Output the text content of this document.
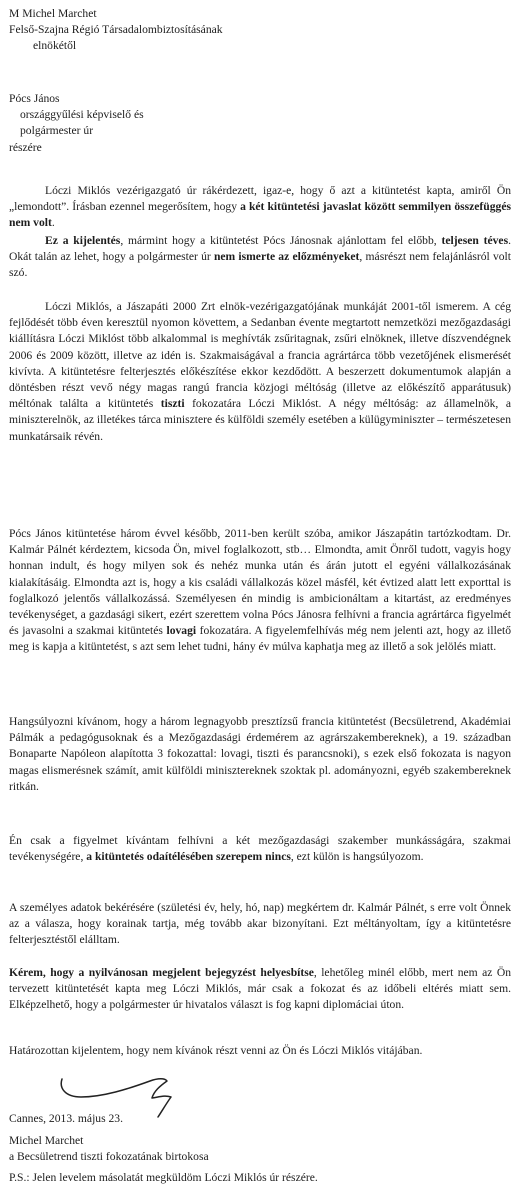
M Michel Marchet
Felső-Szajna Régió Társadalombiztosításának
elnökétől
Pócs János
országgyűlési képviselő és
polgármester úr
részére

Lóczi Miklós vezérigazgató úr rákérdezett, igaz-e, hogy ő azt a kitüntetést kapta, amiről Ön „lemondott”. Írásban ezennel megerősítem, hogy a két kitüntetési javaslat között semmilyen összefüggés nem volt.

Ez a kijelentés, mármint hogy a kitüntetést Pócs Jánosnak ajánlottam fel előbb, teljesen téves. Okát talán az lehet, hogy a polgármester úr nem ismerte az előzményeket, másrészt nem felajánlásról volt szó.

Lóczi Miklós, a Jászapáti 2000 Zrt elnök-vezérigazgatójának munkáját 2001-től ismerem. A cég fejlődését több éven keresztül nyomon követtem, a Sedanban évente megtartott nemzetközi mezőgazdasági kiállításra Lóczi Miklóst több alkalommal is meghívták zsűritagnak, zsűri elnöknek, illetve díszvendégnek 2006 és 2009 között, illetve az idén is. Szakmaiságával a francia agrártárca több vezetőjének elismerését kivívta. A kitüntetésre felterjesztés előkészítése ekkor kezdődött. A beszerzett dokumentumok alapján a döntésben részt vevő négy magas rangú francia közjogi méltóság (illetve az előkészítő apparátusuk) méltónak találta a kitüntetés tiszti fokozatára Lóczi Miklóst. A négy méltóság: az államelnök, a miniszterelnök, az illetékes tárca minisztere és külföldi személy esetében a külügyminiszter – természetesen munkatársaik révén.

Pócs János kitüntetése három évvel később, 2011-ben került szóba, amikor Jászapátin tartózkodtam. Dr. Kalmár Pálnét kérdeztem, kicsoda Ön, mivel foglalkozott, stb… Elmondta, amit Önről tudott, vagyis hogy honnan indult, és hogy milyen sok és nehéz munka után és árán jutott el egyéni vállalkozásának kialakításáig. Elmondta azt is, hogy a kis családi vállalkozás közel másfél, két évtized alatt lett exporttal is foglalkozó jelentős vállalkozássá. Személyesen én mindig is ambicionáltam a kitartást, az eredményes tevékenységet, a gazdasági sikert, ezért szerettem volna Pócs Jánosra felhívni a francia agrártárca figyelmét és javasolni a szakmai kitüntetés lovagi fokozatára. A figyelemfelhívás még nem jelenti azt, hogy az illető meg is kapja a kitüntetést, s azt sem lehet tudni, hány év múlva kaphatja meg az illető a sok jelölés miatt.

Hangsúlyozni kívánom, hogy a három legnagyobb presztízsű francia kitüntetést (Becsületrend, Akadémiai Pálmák a pedagógusoknak és a Mezőgazdasági érdemérem az agrárszakembereknek), a 19. században Bonaparte Napóleon alapította 3 fokozattal: lovagi, tiszti és parancsnoki), s ezek első fokozata is nagyon magas elismerésnek számít, amit külföldi minisztereknek szoktak pl. adományozni, egyéb szakembereknek ritkán.

Én csak a figyelmet kívántam felhívni a két mezőgazdasági szakember munkásságára, szakmai tevékenységére, a kitüntetés odaítélésében szerepem nincs, ezt külön is hangsúlyozom.

A személyes adatok bekérésére (születési év, hely, hó, nap) megkértem dr. Kalmár Pálnét, s erre volt Önnek az a válasza, hogy korainak tartja, még tovább akar bizonyítani. Ezt méltányoltam, így a kitüntetésre felterjesztéstől elálltam.

Kérem, hogy a nyilvánosan megjelent bejegyzést helyesbítse, lehetőleg minél előbb, mert nem az Ön tervezett kitüntetését kapta meg Lóczi Miklós, már csak a fokozat és az időbeli eltérés miatt sem. Elképzelhető, hogy a polgármester úr hivatalos választ is fog kapni diplomáciai úton.

Határozottan kijelentem, hogy nem kívánok részt venni az Ön és Lóczi Miklós vitájában.

Cannes, 2013. május 23.
Michel Marchet
a Becsületrend tiszti fokozatának birtokosa
P.S.: Jelen levelem másolatát megküldöm Lóczi Miklós úr részére.
